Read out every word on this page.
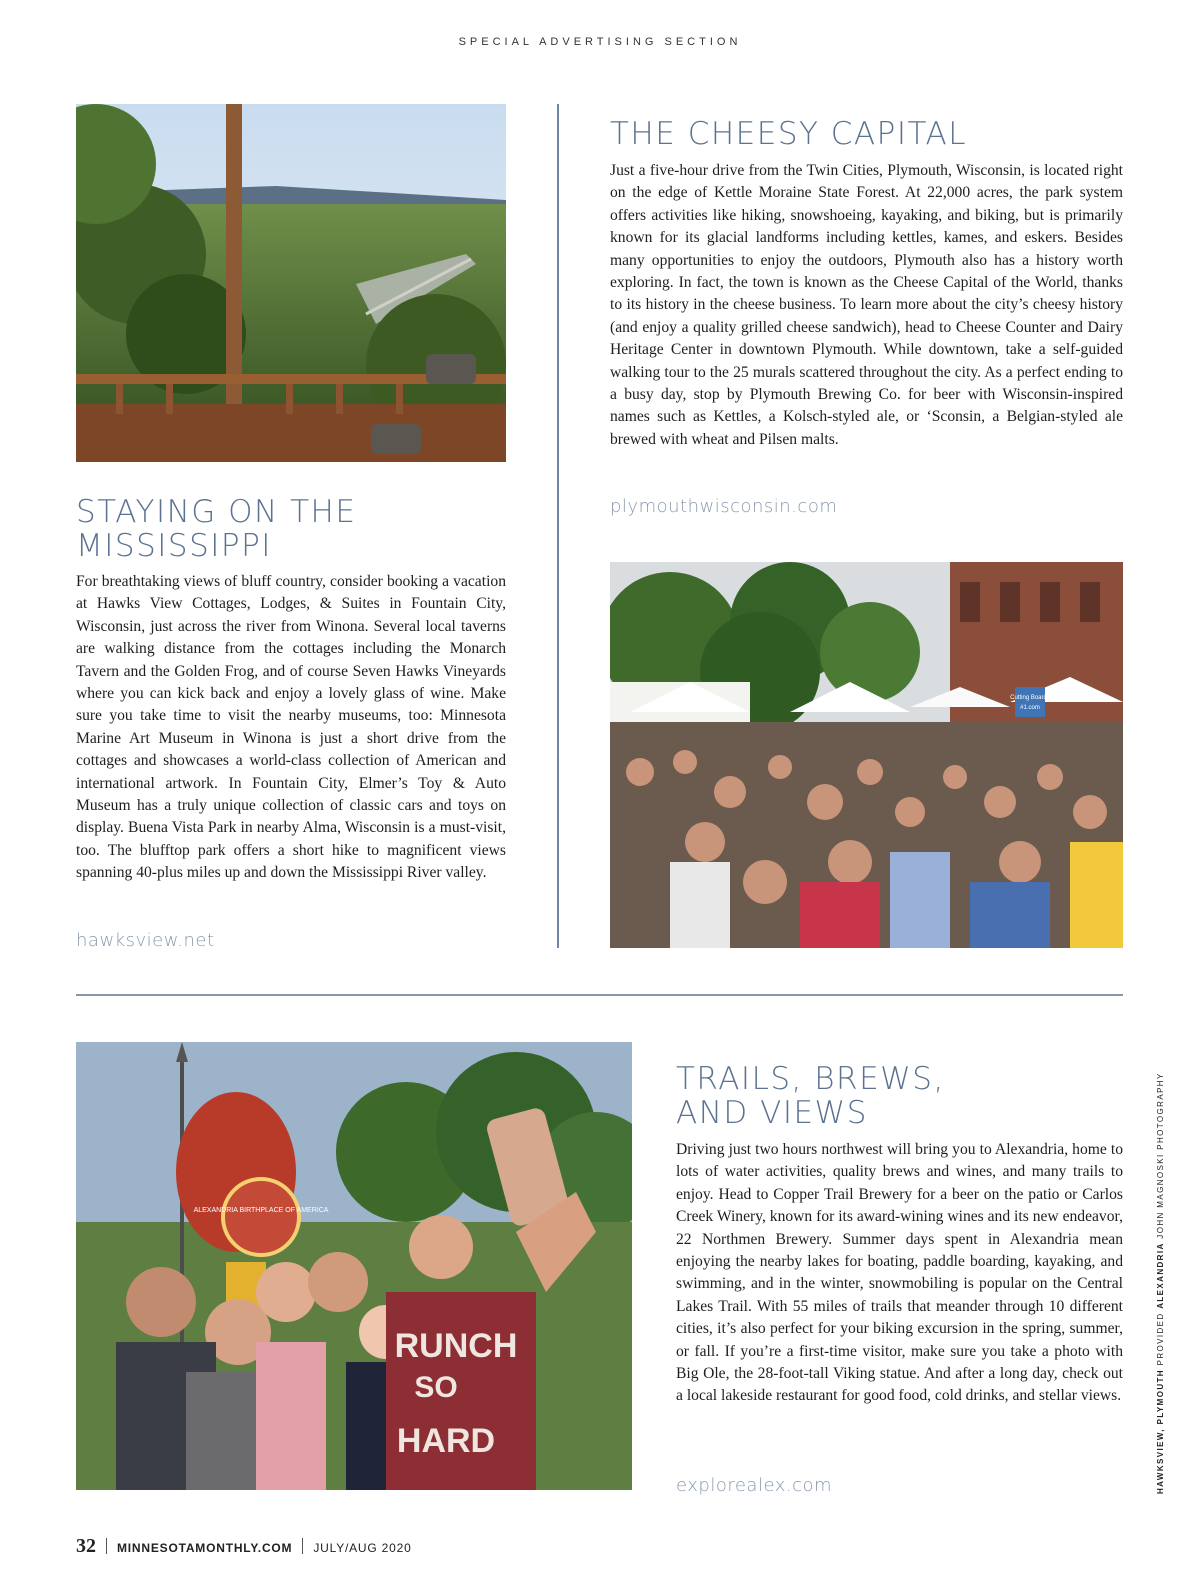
SPECIAL ADVERTISING SECTION
STAYING ON THE
MISSISSIPPI

For breathtaking views of bluff country, consider booking a vacation at Hawks View Cottages, Lodges, & Suites in Fountain City, Wisconsin, just across the river from Winona. Several local taverns are walking distance from the cottages including the Monarch Tavern and the Golden Frog, and of course Seven Hawks Vineyards where you can kick back and enjoy a lovely glass of wine. Make sure you take time to visit the nearby museums, too: Minnesota Marine Art Museum in Winona is just a short drive from the cottages and showcases a world-class collection of American and international artwork. In Fountain City, Elmer’s Toy & Auto Museum has a truly unique collection of classic cars and toys on display. Buena Vista Park in nearby Alma, Wisconsin is a must-visit, too. The blufftop park offers a short hike to magnificent views spanning 40-plus miles up and down the Mississippi River valley.

hawksview.net
THE CHEESY CAPITAL

Just a five-hour drive from the Twin Cities, Plymouth, Wisconsin, is located right on the edge of Kettle Moraine State Forest. At 22,000 acres, the park system offers activities like hiking, snowshoeing, kayaking, and biking, but is primarily known for its glacial landforms including kettles, kames, and eskers. Besides many opportunities to enjoy the outdoors, Plymouth also has a history worth exploring. In fact, the town is known as the Cheese Capital of the World, thanks to its history in the cheese business. To learn more about the city’s cheesy history (and enjoy a quality grilled cheese sandwich), head to Cheese Counter and Dairy Heritage Center in downtown Plymouth. While downtown, take a self-guided walking tour to the 25 murals scattered throughout the city. As a perfect ending to a busy day, stop by Plymouth Brewing Co. for beer with Wisconsin-inspired names such as Kettles, a Kolsch-styled ale, or ‘Sconsin, a Belgian-styled ale brewed with wheat and Pilsen malts.

plymouthwisconsin.com
Cutting Boards
#1.com
ALEXANDRIA BIRTHPLACE OF AMERICA
RUNCH
SO
HARD
TRAILS, BREWS,
AND VIEWS

Driving just two hours northwest will bring you to Alexandria, home to lots of water activities, quality brews and wines, and many trails to enjoy. Head to Copper Trail Brewery for a beer on the patio or Carlos Creek Winery, known for its award-wining wines and its new endeavor, 22 Northmen Brewery. Summer days spent in Alexandria mean enjoying the nearby lakes for boating, paddle boarding, kayaking, and swimming, and in the winter, snowmobiling is popular on the Central Lakes Trail. With 55 miles of trails that meander through 10 different cities, it’s also perfect for your biking excursion in the spring, summer, or fall. If you’re a first-time visitor, make sure you take a photo with Big Ole, the 28-foot-tall Viking statue. And after a long day, check out a local lakeside restaurant for good food, cold drinks, and stellar views.

explorealex.com	HAWKSVIEW, PLYMOUTH PROVIDED ALEXANDRIA JOHN MAGNOSKI PHOTOGRAPHY
32 MINNESOTAMONTHLY.COM JULY/AUG 2020
